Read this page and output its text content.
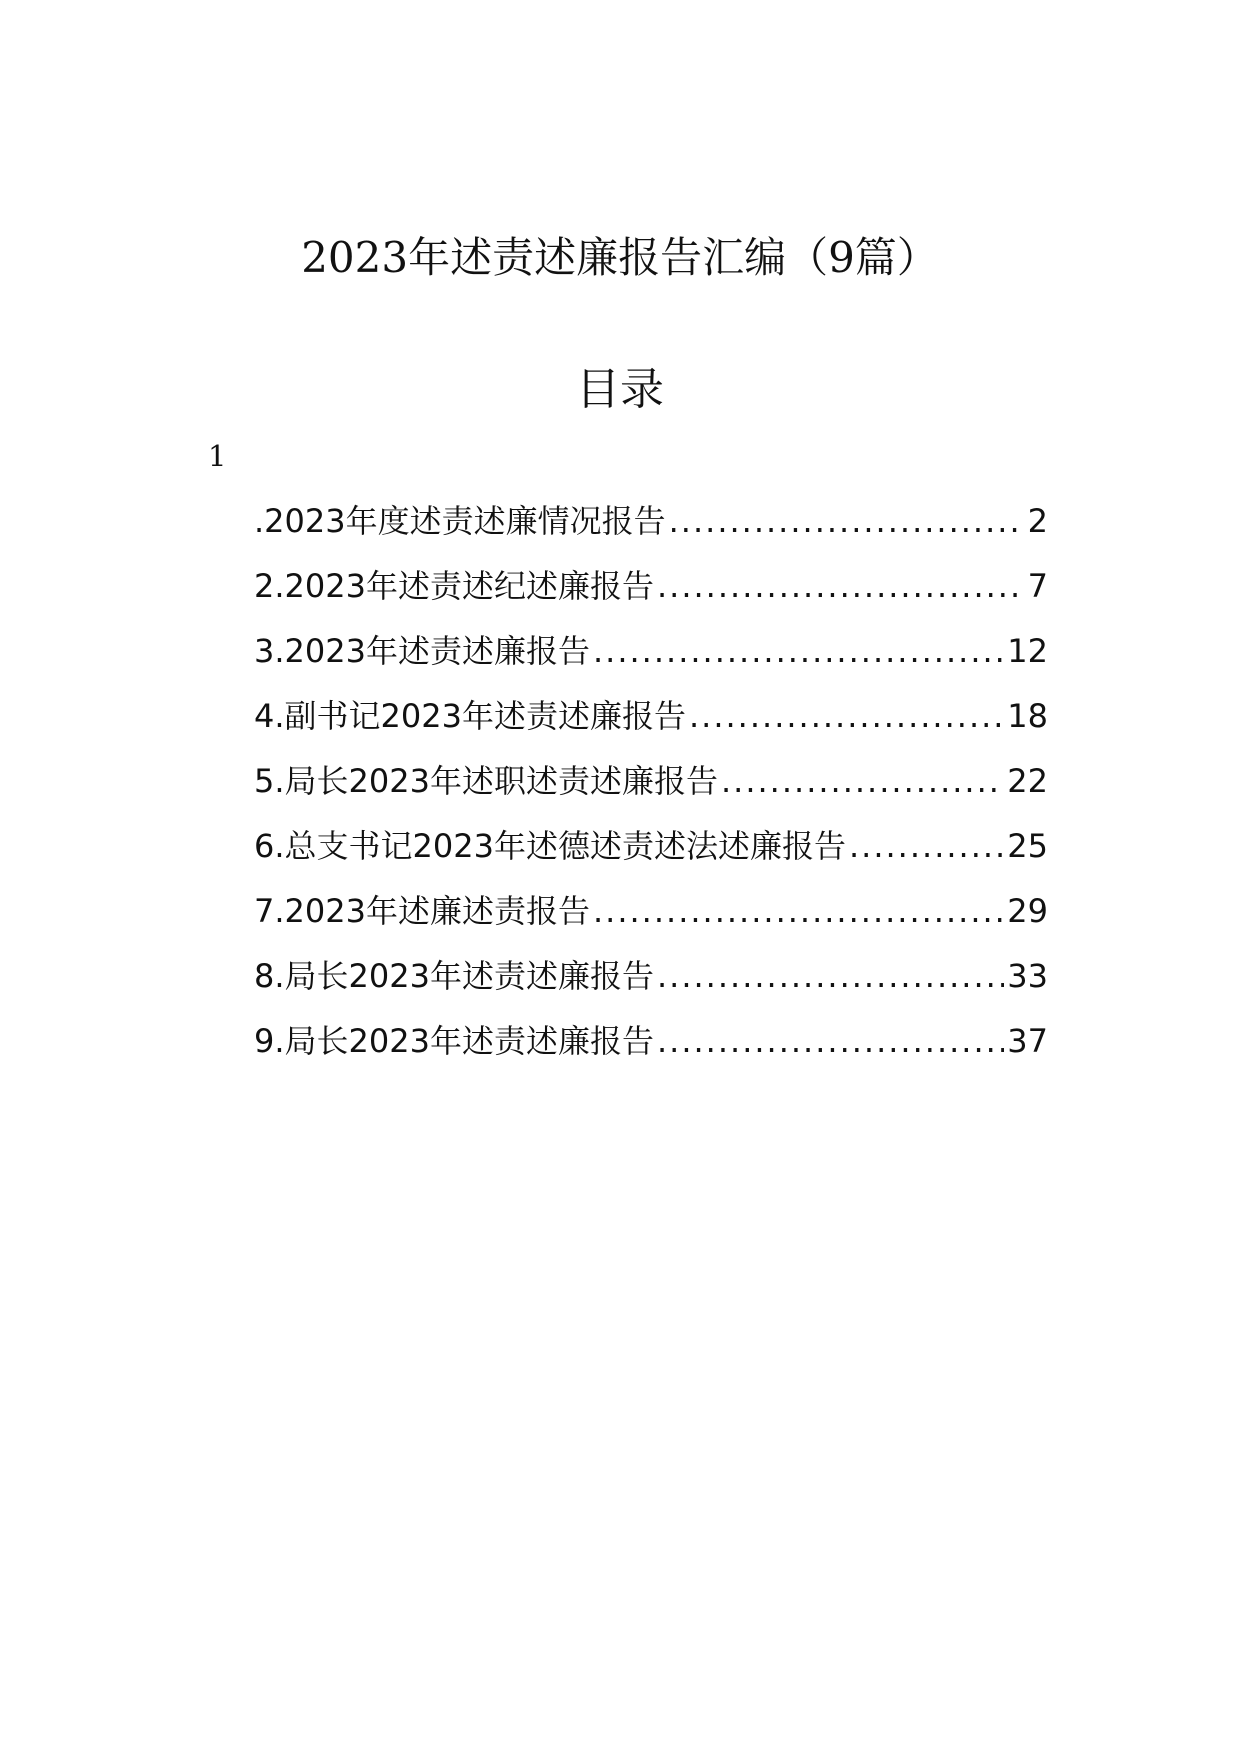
2023年述责述廉报告汇编（9篇）
目录
1
.2023年度述责述廉情况报告 .....	2
2.2023年述责述纪述廉报告 .....	7
3.2023年述责述廉报告 .....	12
4.副书记2023年述责述廉报告 .....	18
5.局长2023年述职述责述廉报告 .....	22
6.总支书记2023年述德述责述法述廉报告 .....	25
7.2023年述廉述责报告 .....	29
8.局长2023年述责述廉报告 .....	33
9.局长2023年述责述廉报告 .....	37
